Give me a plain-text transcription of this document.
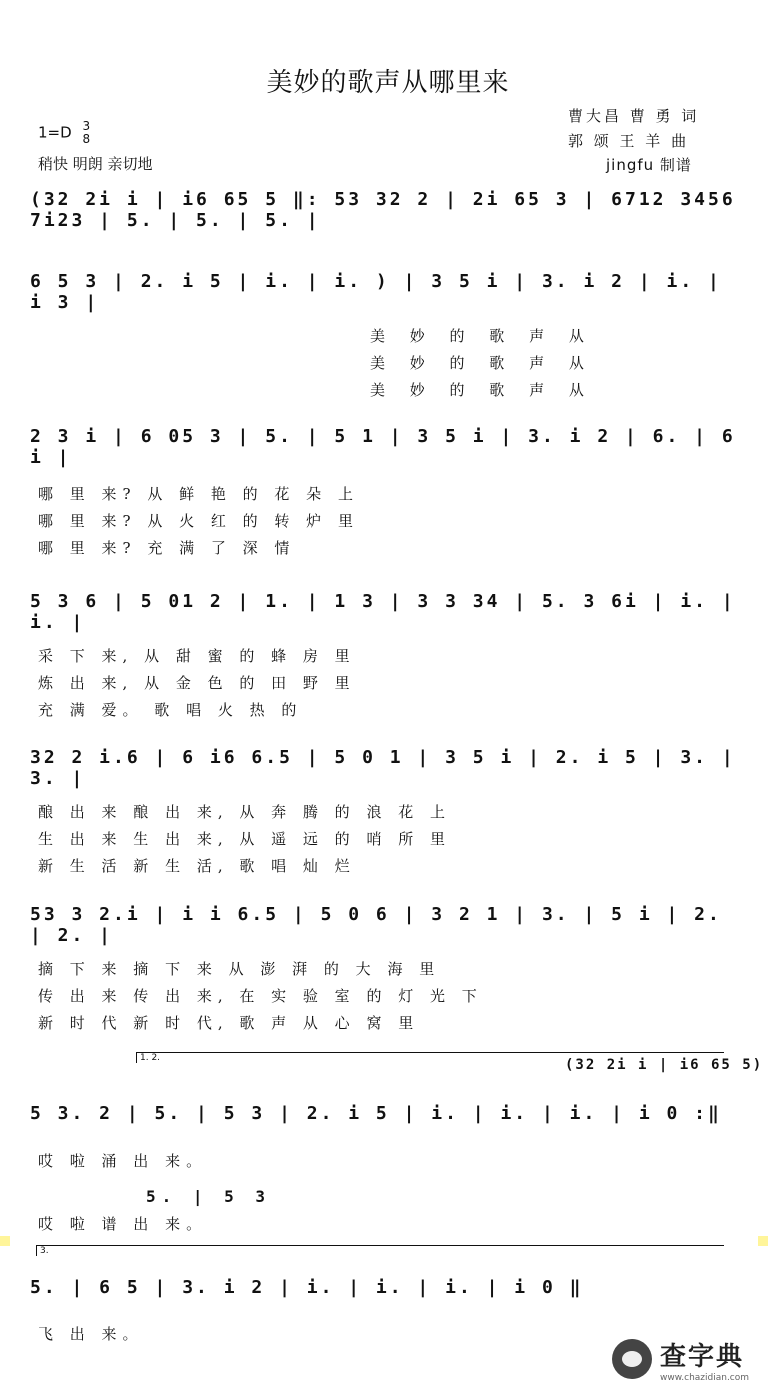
美妙的歌声从哪里来
1=D 3
8
稍快 明朗 亲切地
曹大昌 曹 勇 词
郭 颂 王 羊 曲
jingfu 制谱
(32 2i i | i6 65 5 ‖: 53 32 2 | 2i 65 3 | 6712 3456 7i23 | 5. | 5. | 5. |
6 5 3 | 2. i 5 | i. | i. ) | 3 5 i | 3. i 2 | i. | i 3 |
美 妙 的 歌 声 从
美 妙 的 歌 声 从
美 妙 的 歌 声 从
2 3 i | 6 05 3 | 5. | 5 1 | 3 5 i | 3. i 2 | 6. | 6 i |
哪 里 来? 从 鲜 艳 的 花 朵 上
哪 里 来? 从 火 红 的 转 炉 里
哪 里 来? 充 满 了 深 情
5 3 6 | 5 01 2 | 1. | 1 3 | 3 3 34 | 5. 3 6i | i. | i. |
采 下 来, 从 甜 蜜 的 蜂 房 里
炼 出 来, 从 金 色 的 田 野 里
充 满 爱。 歌 唱 火 热 的
32 2 i.6 | 6 i6 6.5 | 5 0 1 | 3 5 i | 2. i 5 | 3. | 3. |
酿 出 来 酿 出 来, 从 奔 腾 的 浪 花 上
生 出 来 生 出 来, 从 遥 远 的 哨 所 里
新 生 活 新 生 活, 歌 唱 灿 烂
53 3 2.i | i i 6.5 | 5 0 6 | 3 2 1 | 3. | 5 i | 2. | 2. |
摘 下 来 摘 下 来 从 澎 湃 的 大 海 里
传 出 来 传 出 来, 在 实 验 室 的 灯 光 下
新 时 代 新 时 代, 歌 声 从 心 窝 里
1. 2.	(32 2i i | i6 65 5)
5 3. 2 | 5. | 5 3 | 2. i 5 | i. | i. | i. | i 0 :‖
哎 啦 涌 出 来。
5. | 5 3
哎 啦 谱 出 来。
3.
5. | 6 5 | 3. i 2 | i. | i. | i. | i 0 ‖
飞 出 来。
查字典
www.chazidian.com
